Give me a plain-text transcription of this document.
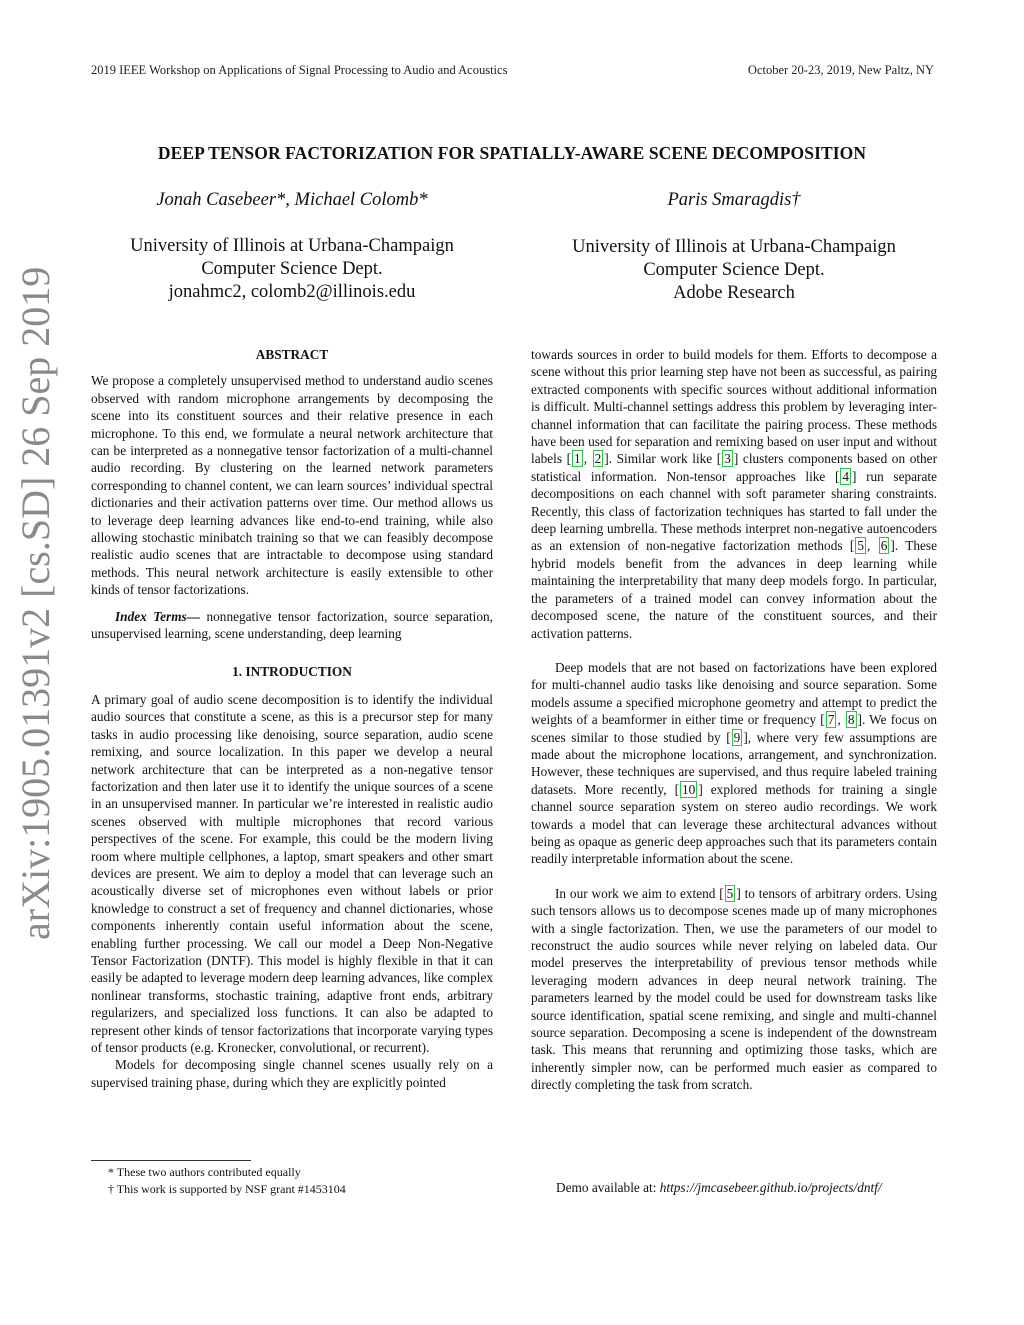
2019 IEEE Workshop on Applications of Signal Processing to Audio and Acoustics	October 20-23, 2019, New Paltz, NY
DEEP TENSOR FACTORIZATION FOR SPATIALLY-AWARE SCENE DECOMPOSITION
Jonah Casebeer*, Michael Colomb*	Paris Smaragdis†
University of Illinois at Urbana-Champaign
Computer Science Dept.
jonahmc2, colomb2@illinois.edu
University of Illinois at Urbana-Champaign
Computer Science Dept.
Adobe Research
arXiv:1905.01391v2 [cs.SD] 26 Sep 2019	ABSTRACT

We propose a completely unsupervised method to understand audio scenes observed with random microphone arrangements by decomposing the scene into its constituent sources and their relative presence in each microphone. To this end, we formulate a neural network architecture that can be interpreted as a nonnegative tensor factorization of a multi-channel audio recording. By clustering on the learned network parameters corresponding to channel content, we can learn sources’ individual spectral dictionaries and their activation patterns over time. Our method allows us to leverage deep learning advances like end-to-end training, while also allowing stochastic minibatch training so that we can feasibly decompose realistic audio scenes that are intractable to decompose using standard methods. This neural network architecture is easily extensible to other kinds of tensor factorizations.

Index Terms— nonnegative tensor factorization, source separation, unsupervised learning, scene understanding, deep learning

1. INTRODUCTION

A primary goal of audio scene decomposition is to identify the individual audio sources that constitute a scene, as this is a precursor step for many tasks in audio processing like denoising, source separation, audio scene remixing, and source localization. In this paper we develop a neural network architecture that can be interpreted as a non-negative tensor factorization and then later use it to identify the unique sources of a scene in an unsupervised manner. In particular we’re interested in realistic audio scenes observed with multiple microphones that record various perspectives of the scene. For example, this could be the modern living room where multiple cellphones, a laptop, smart speakers and other smart devices are present. We aim to deploy a model that can leverage such an acoustically diverse set of microphones even without labels or prior knowledge to construct a set of frequency and channel dictionaries, whose components inherently contain useful information about the scene, enabling further processing. We call our model a Deep Non-Negative Tensor Factorization (DNTF). This model is highly flexible in that it can easily be adapted to leverage modern deep learning advances, like complex nonlinear transforms, stochastic training, adaptive front ends, arbitrary regularizers, and specialized loss functions. It can also be adapted to represent other kinds of tensor factorizations that incorporate varying types of tensor products (e.g. Kronecker, convolutional, or recurrent).

Models for decomposing single channel scenes usually rely on a supervised training phase, during which they are explicitly pointed

* These two authors contributed equally
† This work is supported by NSF grant #1453104

towards sources in order to build models for them. Efforts to decompose a scene without this prior learning step have not been as successful, as pairing extracted components with specific sources without additional information is difficult. Multi-channel settings address this problem by leveraging inter-channel information that can facilitate the pairing process. These methods have been used for separation and remixing based on user input and without labels [ 1 , 2 ]. Similar work like [ 3 ] clusters components based on other statistical information. Non-tensor approaches like [ 4 ] run separate decompositions on each channel with soft parameter sharing constraints. Recently, this class of factorization techniques has started to fall under the deep learning umbrella. These methods interpret non-negative autoencoders as an extension of non-negative factorization methods [ 5 , 6 ]. These hybrid models benefit from the advances in deep learning while maintaining the interpretability that many deep models forgo. In particular, the parameters of a trained model can convey information about the decomposed scene, the nature of the constituent sources, and their activation patterns.

Deep models that are not based on factorizations have been explored for multi-channel audio tasks like denoising and source separation. Some models assume a specified microphone geometry and attempt to predict the weights of a beamformer in either time or frequency [ 7 , 8 ]. We focus on scenes similar to those studied by [ 9 ], where very few assumptions are made about the microphone locations, arrangement, and synchronization. However, these techniques are supervised, and thus require labeled training datasets. More recently, [ 10 ] explored methods for training a single channel source separation system on stereo audio recordings. We work towards a model that can leverage these architectural advances without being as opaque as generic deep approaches such that its parameters contain readily interpretable information about the scene.

In our work we aim to extend [ 5 ] to tensors of arbitrary orders. Using such tensors allows us to decompose scenes made up of many microphones with a single factorization. Then, we use the parameters of our model to reconstruct the audio sources while never relying on labeled data. Our model preserves the interpretability of previous tensor methods while leveraging modern advances in deep neural network training. The parameters learned by the model could be used for downstream tasks like source identification, spatial scene remixing, and single and multi-channel source separation. Decomposing a scene is independent of the downstream task. This means that rerunning and optimizing those tasks, which are inherently simpler now, can be performed much easier as compared to directly completing the task from scratch.

Demo available at: https://jmcasebeer.github.io/projects/dntf/
